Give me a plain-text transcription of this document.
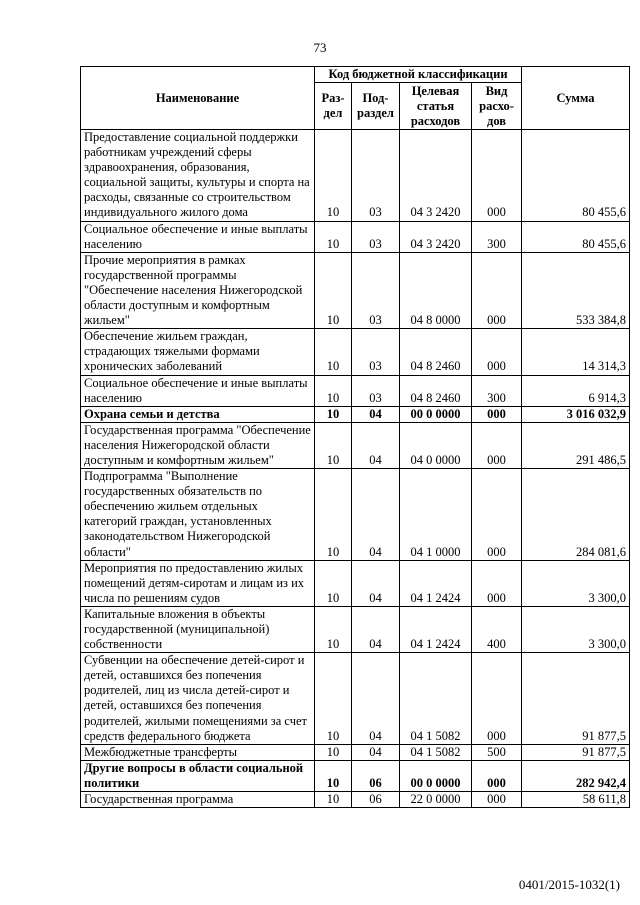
73
Наименование	Код бюджетной классификации				Сумма
	Раз-дел	Под-раздел	Целевая статья расходов	Вид расхо-дов	
Предоставление социальной поддержки работникам учреждений сферы здравоохранения, образования, социальной защиты, культуры и спорта на расходы, связанные со строительством индивидуального жилого дома	10	03	04 3 2420	000	80 455,6
Социальное обеспечение и иные выплаты населению	10	03	04 3 2420	300	80 455,6
Прочие мероприятия в рамках государственной программы "Обеспечение населения Нижегородской области доступным и комфортным жильем"	10	03	04 8 0000	000	533 384,8
Обеспечение жильем граждан, страдающих тяжелыми формами хронических заболеваний	10	03	04 8 2460	000	14 314,3
Социальное обеспечение и иные выплаты населению	10	03	04 8 2460	300	6 914,3
Охрана семьи и детства	10	04	00 0 0000	000	3 016 032,9
Государственная программа "Обеспечение населения Нижегородской области доступным и комфортным жильем"	10	04	04 0 0000	000	291 486,5
Подпрограмма "Выполнение государственных обязательств по обеспечению жильем отдельных категорий граждан, установленных законодательством Нижегородской области"	10	04	04 1 0000	000	284 081,6
Мероприятия по предоставлению жилых помещений детям-сиротам и лицам из их числа по решениям судов	10	04	04 1 2424	000	3 300,0
Капитальные вложения в объекты государственной (муниципальной) собственности	10	04	04 1 2424	400	3 300,0
Субвенции на обеспечение детей-сирот и детей, оставшихся без попечения родителей, лиц из числа детей-сирот и детей, оставшихся без попечения родителей, жилыми помещениями за счет средств федерального бюджета	10	04	04 1 5082	000	91 877,5
Межбюджетные трансферты	10	04	04 1 5082	500	91 877,5
Другие вопросы в области социальной политики	10	06	00 0 0000	000	282 942,4
Государственная программа	10	06	22 0 0000	000	58 611,8
0401/2015-1032(1)
